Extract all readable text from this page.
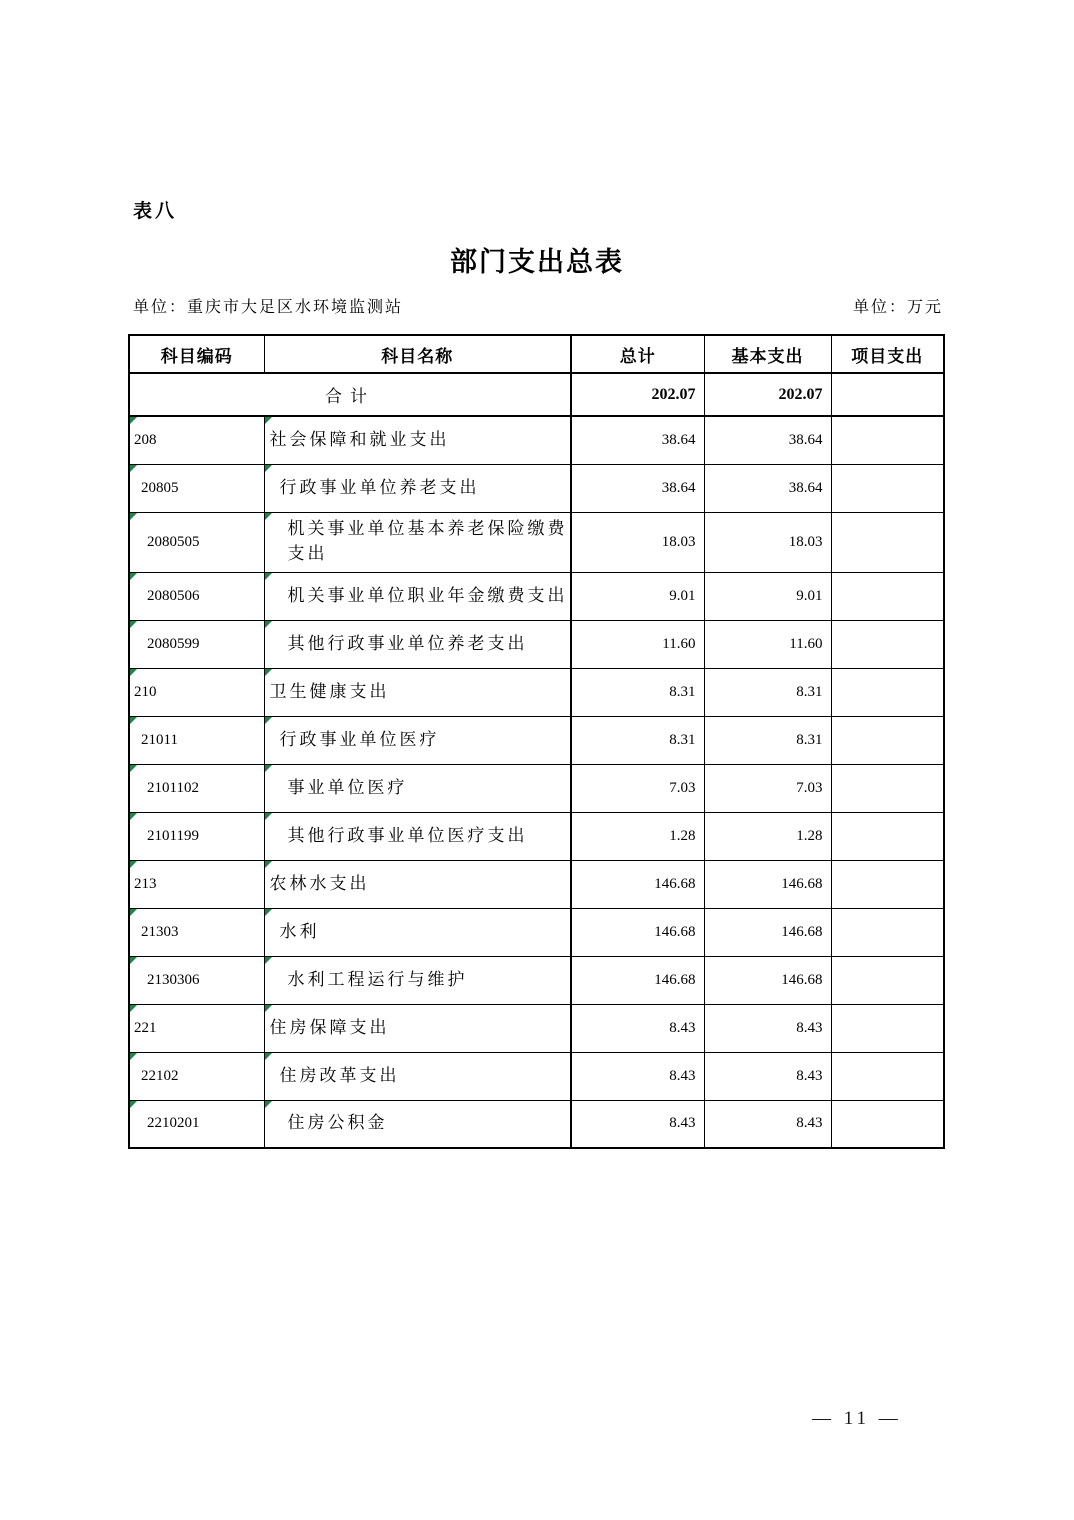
表八
部门支出总表
单位：重庆市大足区水环境监测站	单位：万元
科目编码	科目名称	总计	基本支出	项目支出
合计		202.07	202.07	
208	社会保障和就业支出	38.64	38.64	
20805	行政事业单位养老支出	38.64	38.64	
2080505	机关事业单位基本养老保险缴费支出	18.03	18.03	
2080506	机关事业单位职业年金缴费支出	9.01	9.01	
2080599	其他行政事业单位养老支出	11.60	11.60	
210	卫生健康支出	8.31	8.31	
21011	行政事业单位医疗	8.31	8.31	
2101102	事业单位医疗	7.03	7.03	
2101199	其他行政事业单位医疗支出	1.28	1.28	
213	农林水支出	146.68	146.68	
21303	水利	146.68	146.68	
2130306	水利工程运行与维护	146.68	146.68	
221	住房保障支出	8.43	8.43	
22102	住房改革支出	8.43	8.43	
2210201	住房公积金	8.43	8.43	
— 11 —
